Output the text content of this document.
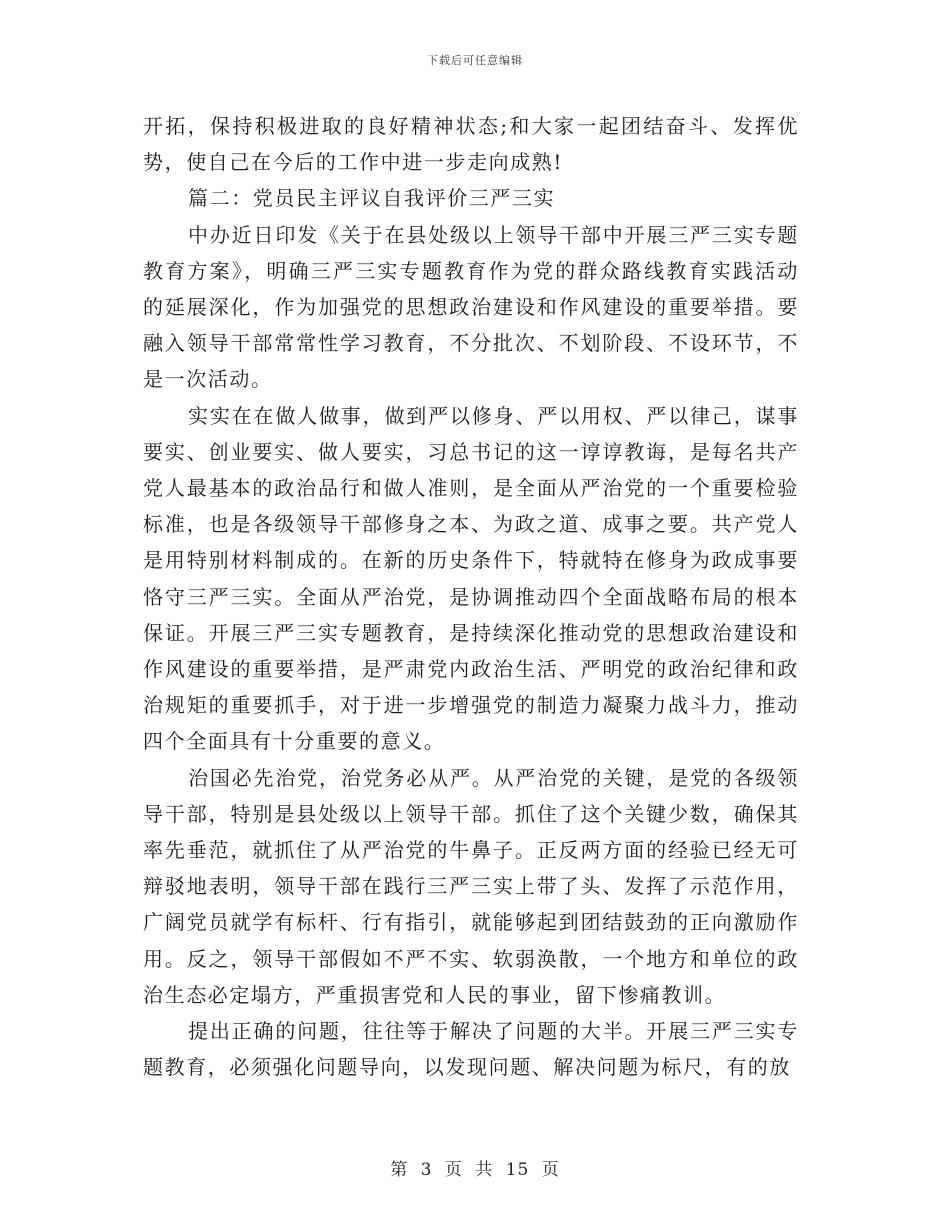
下载后可任意编辑

开拓，保持积极进取的良好精神状态;和大家一起团结奋斗、发挥优势，使自己在今后的工作中进一步走向成熟!

篇二：党员民主评议自我评价三严三实

中办近日印发《关于在县处级以上领导干部中开展三严三实专题教育方案》，明确三严三实专题教育作为党的群众路线教育实践活动的延展深化，作为加强党的思想政治建设和作风建设的重要举措。要融入领导干部常常性学习教育，不分批次、不划阶段、不设环节，不是一次活动。

实实在在做人做事，做到严以修身、严以用权、严以律己，谋事要实、创业要实、做人要实，习总书记的这一谆谆教诲，是每名共产党人最基本的政治品行和做人准则，是全面从严治党的一个重要检验标准，也是各级领导干部修身之本、为政之道、成事之要。共产党人是用特别材料制成的。在新的历史条件下，特就特在修身为政成事要恪守三严三实。全面从严治党，是协调推动四个全面战略布局的根本保证。开展三严三实专题教育，是持续深化推动党的思想政治建设和作风建设的重要举措，是严肃党内政治生活、严明党的政治纪律和政治规矩的重要抓手，对于进一步增强党的制造力凝聚力战斗力，推动四个全面具有十分重要的意义。

治国必先治党，治党务必从严。从严治党的关键，是党的各级领导干部，特别是县处级以上领导干部。抓住了这个关键少数，确保其率先垂范，就抓住了从严治党的牛鼻子。正反两方面的经验已经无可辩驳地表明，领导干部在践行三严三实上带了头、发挥了示范作用，广阔党员就学有标杆、行有指引，就能够起到团结鼓劲的正向激励作用。反之，领导干部假如不严不实、软弱涣散，一个地方和单位的政治生态必定塌方，严重损害党和人民的事业，留下惨痛教训。

提出正确的问题，往往等于解决了问题的大半。开展三严三实专题教育，必须强化问题导向，以发现问题、解决问题为标尺，有的放

第 3 页 共 15 页
